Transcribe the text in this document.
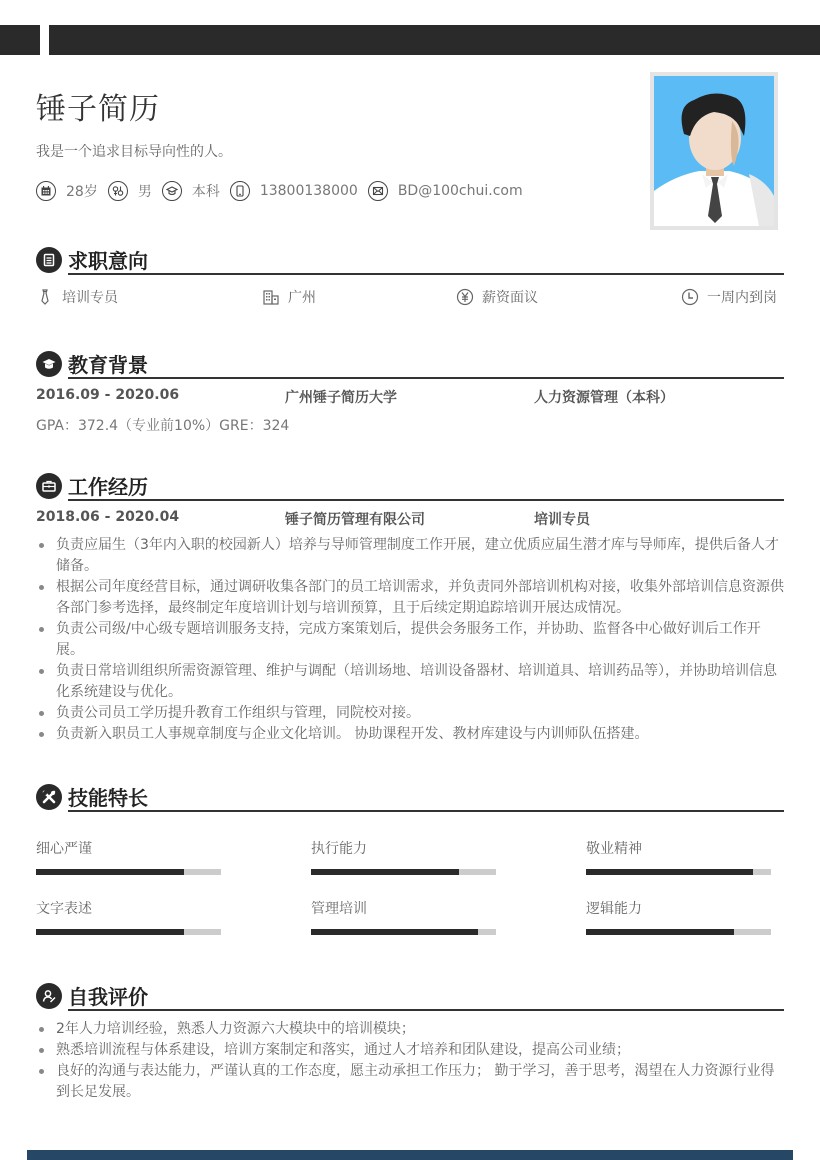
锤子简历
我是一个追求目标导向性的人。
28岁	男	本科	13800138000	BD@100chui.com
求职意向
培训专员	广州	薪资面议	一周内到岗
教育背景
2016.09 - 2020.06	广州锤子简历大学	人力资源管理（本科）
GPA：372.4（专业前10%）GRE：324
工作经历
2018.06 - 2020.04	锤子简历管理有限公司	培训专员
负责应届生（3年内入职的校园新人）培养与导师管理制度工作开展，建立优质应届生潜才库与导师库，提供后备人才储备。
根据公司年度经营目标，通过调研收集各部门的员工培训需求，并负责同外部培训机构对接，收集外部培训信息资源供各部门参考选择，最终制定年度培训计划与培训预算，且于后续定期追踪培训开展达成情况。
负责公司级/中心级专题培训服务支持，完成方案策划后，提供会务服务工作，并协助、监督各中心做好训后工作开展。
负责日常培训组织所需资源管理、维护与调配（培训场地、培训设备器材、培训道具、培训药品等），并协助培训信息化系统建设与优化。
负责公司员工学历提升教育工作组织与管理，同院校对接。
负责新入职员工人事规章制度与企业文化培训。 协助课程开发、教材库建设与内训师队伍搭建。
技能特长
细心严谨	执行能力	敬业精神
文字表述	管理培训	逻辑能力
自我评价
2年人力培训经验，熟悉人力资源六大模块中的培训模块；
熟悉培训流程与体系建设，培训方案制定和落实，通过人才培养和团队建设，提高公司业绩；
良好的沟通与表达能力，严谨认真的工作态度，愿主动承担工作压力； 勤于学习，善于思考，渴望在人力资源行业得到长足发展。
